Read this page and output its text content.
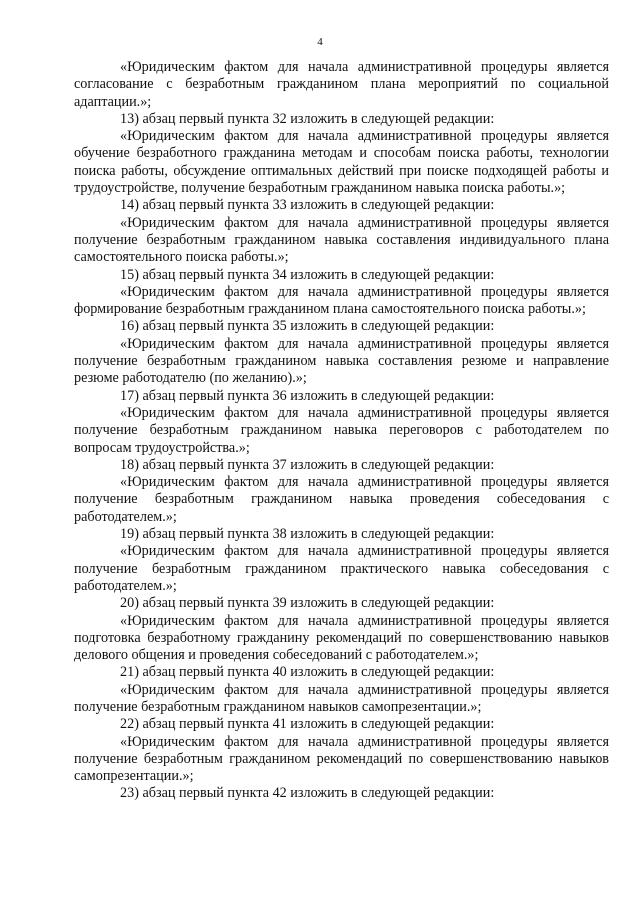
4

«Юридическим фактом для начала административной процедуры является согласование с безработным гражданином плана мероприятий по социальной адаптации.»;

13) абзац первый пункта 32 изложить в следующей редакции:

«Юридическим фактом для начала административной процедуры является обучение безработного гражданина методам и способам поиска работы, технологии поиска работы, обсуждение оптимальных действий при поиске подходящей работы и трудоустройстве, получение безработным гражданином навыка поиска работы.»;

14) абзац первый пункта 33 изложить в следующей редакции:

«Юридическим фактом для начала административной процедуры является получение безработным гражданином навыка составления индивидуального плана самостоятельного поиска работы.»;

15) абзац первый пункта 34 изложить в следующей редакции:

«Юридическим фактом для начала административной процедуры является формирование безработным гражданином плана самостоятельного поиска работы.»;

16) абзац первый пункта 35 изложить в следующей редакции:

«Юридическим фактом для начала административной процедуры является получение безработным гражданином навыка составления резюме и направление резюме работодателю (по желанию).»;

17) абзац первый пункта 36 изложить в следующей редакции:

«Юридическим фактом для начала административной процедуры является получение безработным гражданином навыка переговоров с работодателем по вопросам трудоустройства.»;

18) абзац первый пункта 37 изложить в следующей редакции:

«Юридическим фактом для начала административной процедуры является получение безработным гражданином навыка проведения собеседования с работодателем.»;

19) абзац первый пункта 38 изложить в следующей редакции:

«Юридическим фактом для начала административной процедуры является получение безработным гражданином практического навыка собеседования с работодателем.»;

20) абзац первый пункта 39 изложить в следующей редакции:

«Юридическим фактом для начала административной процедуры является подготовка безработному гражданину рекомендаций по совершенствованию навыков делового общения и проведения собеседований с работодателем.»;

21) абзац первый пункта 40 изложить в следующей редакции:

«Юридическим фактом для начала административной процедуры является получение безработным гражданином навыков самопрезентации.»;

22) абзац первый пункта 41 изложить в следующей редакции:

«Юридическим фактом для начала административной процедуры является получение безработным гражданином рекомендаций по совершенствованию навыков самопрезентации.»;

23) абзац первый пункта 42 изложить в следующей редакции:
